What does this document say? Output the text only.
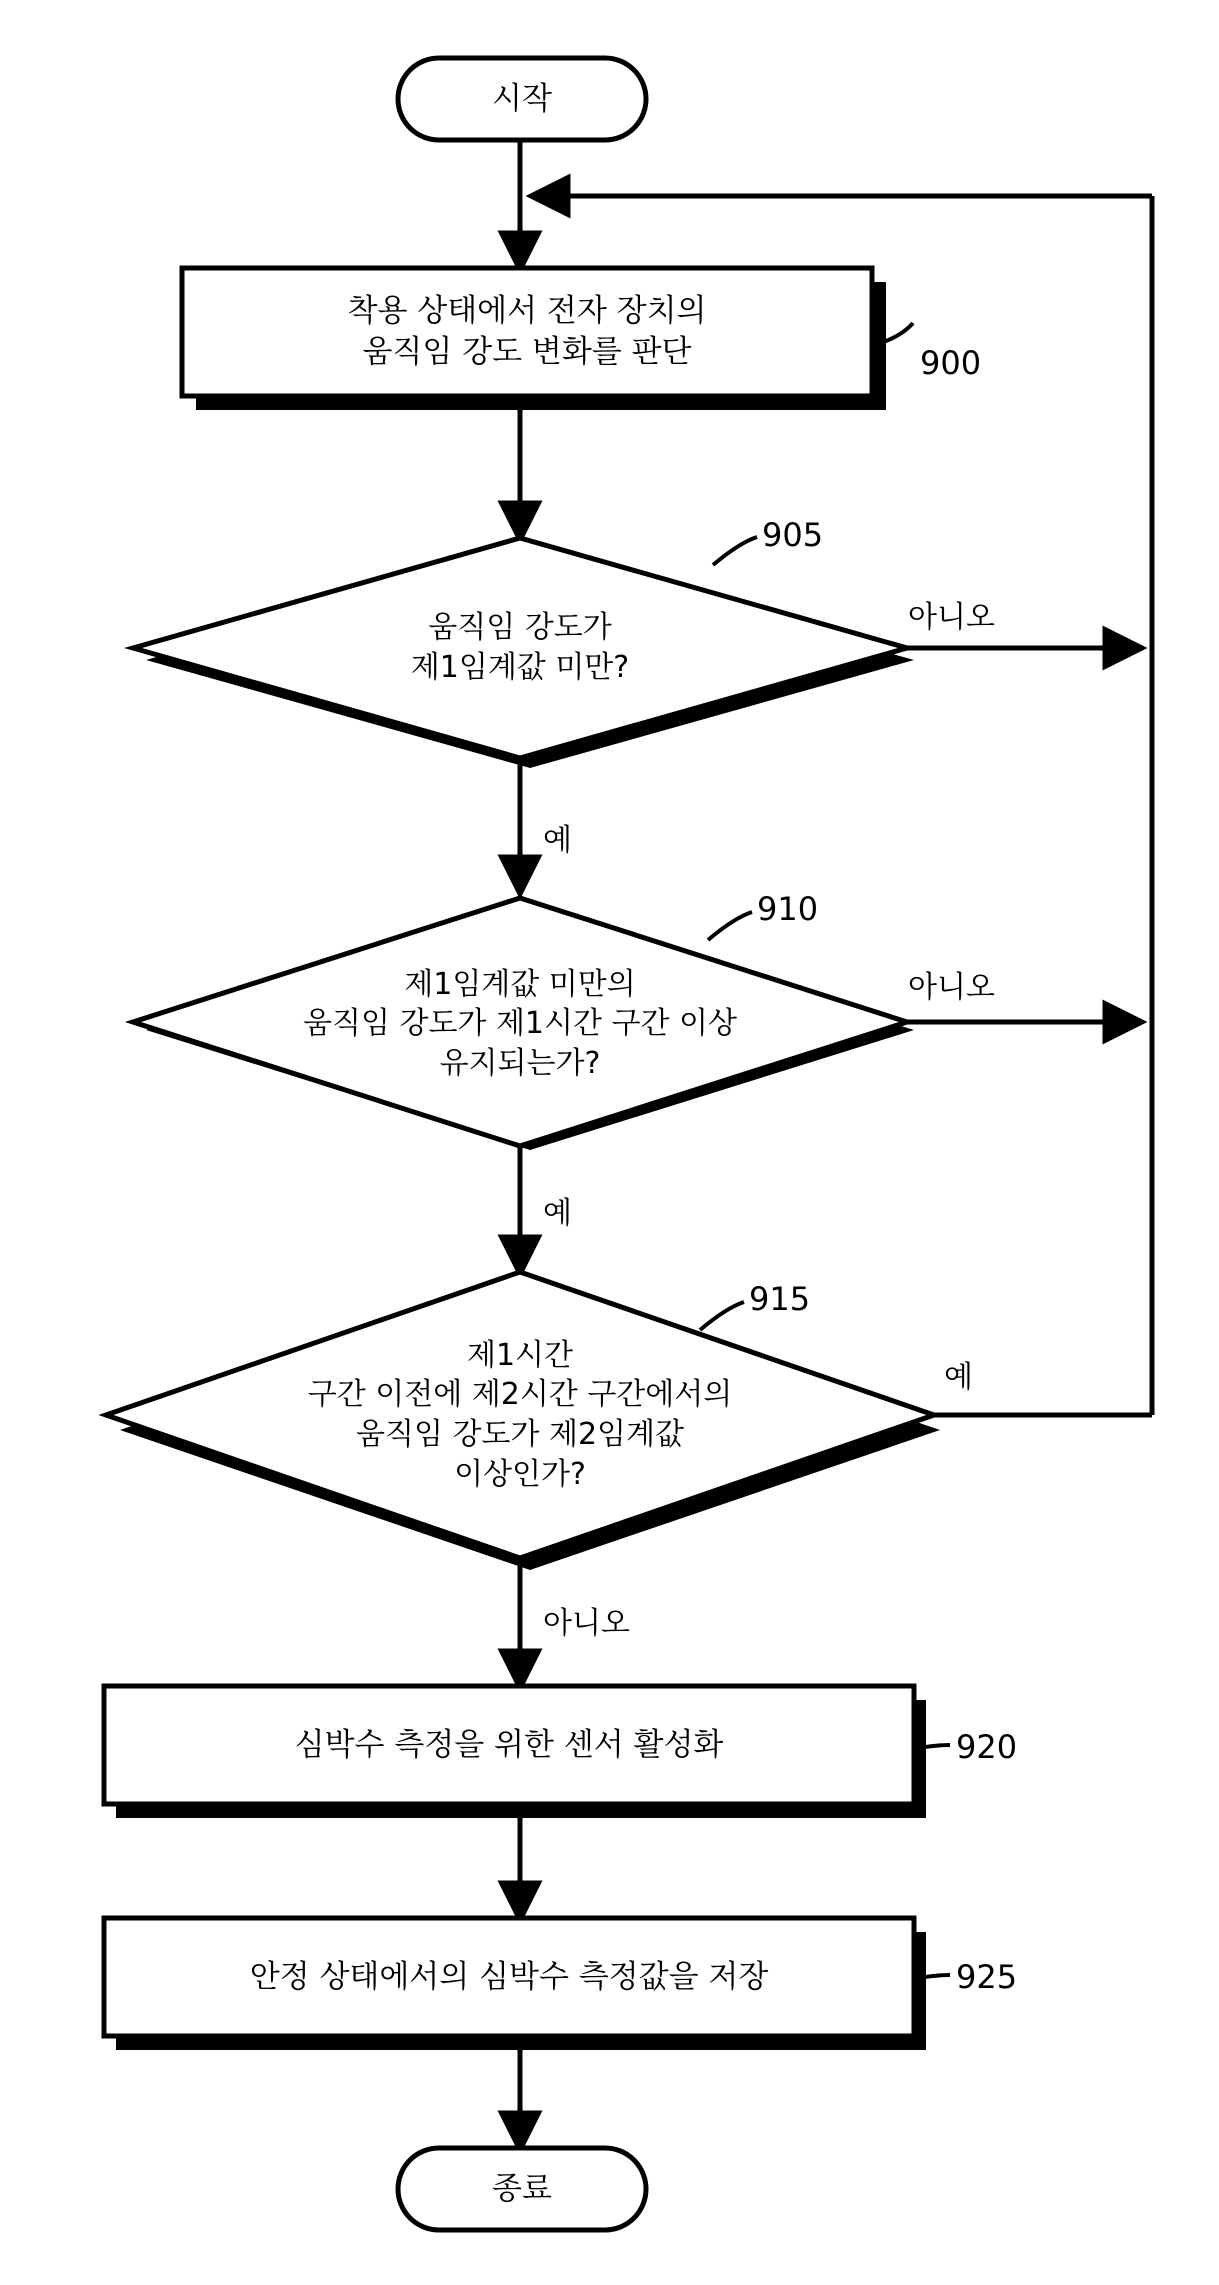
시작
착용 상태에서 전자 장치의
움직임 강도 변화를 판단
움직임 강도가
제1임계값 미만?
제1임계값 미만의
움직임 강도가 제1시간 구간 이상
유지되는가?
제1시간
구간 이전에 제2시간 구간에서의
움직임 강도가 제2임계값
이상인가?
심박수 측정을 위한 센서 활성화
안정 상태에서의 심박수 측정값을 저장
종료
아니오
예
아니오
예
예
아니오
900
905
910
915
920
925
